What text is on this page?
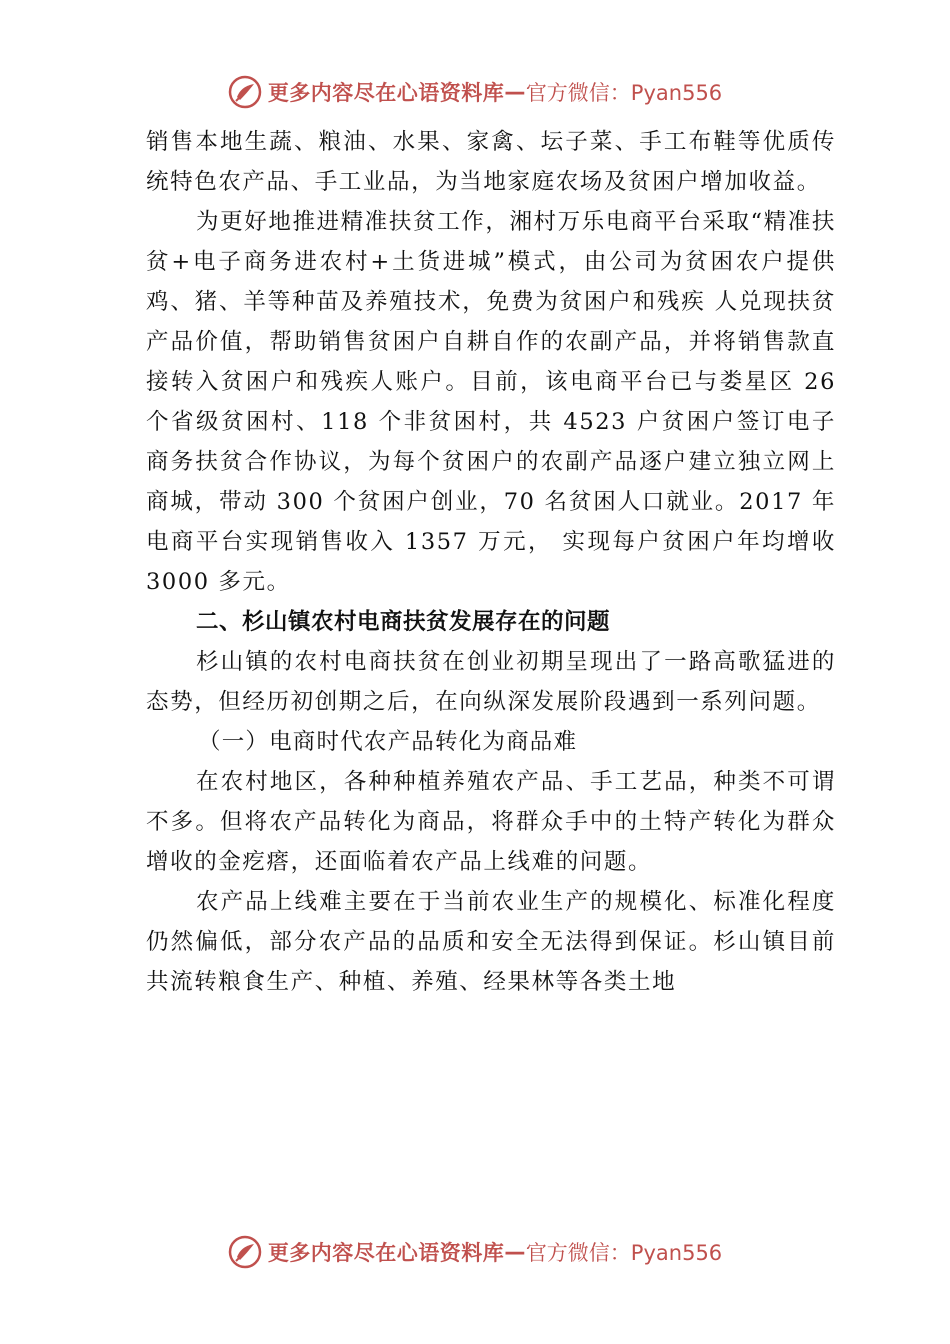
更多内容尽在心语资料库 — 官方微信：Pyan556

销售本地生蔬、粮油、水果、家禽、坛子菜、手工布鞋等优质传统特色农产品、手工业品，为当地家庭农场及贫困户增加收益。

为更好地推进精准扶贫工作，湘村万乐电商平台采取“精准扶贫+电子商务进农村+土货进城”模式，由公司为贫困农户提供鸡、猪、羊等种苗及养殖技术，免费为贫困户和残疾 人兑现扶贫产品价值，帮助销售贫困户自耕自作的农副产品，并将销售款直接转入贫困户和残疾人账户。目前，该电商平台已与娄星区 26 个省级贫困村、118 个非贫困村，共 4523 户贫困户签订电子商务扶贫合作协议，为每个贫困户的农副产品逐户建立独立网上商城，带动 300 个贫困户创业，70 名贫困人口就业。2017 年电商平台实现销售收入 1357 万元， 实现每户贫困户年均增收 3000 多元。

二、杉山镇农村电商扶贫发展存在的问题

杉山镇的农村电商扶贫在创业初期呈现出了一路高歌猛进的态势，但经历初创期之后，在向纵深发展阶段遇到一系列问题。

（一）电商时代农产品转化为商品难

在农村地区，各种种植养殖农产品、手工艺品，种类不可谓不多。但将农产品转化为商品，将群众手中的土特产转化为群众增收的金疙瘩，还面临着农产品上线难的问题。

农产品上线难主要在于当前农业生产的规模化、标准化程度仍然偏低，部分农产品的品质和安全无法得到保证。杉山镇目前共流转粮食生产、种植、养殖、经果林等各类土地

更多内容尽在心语资料库 — 官方微信：Pyan556
